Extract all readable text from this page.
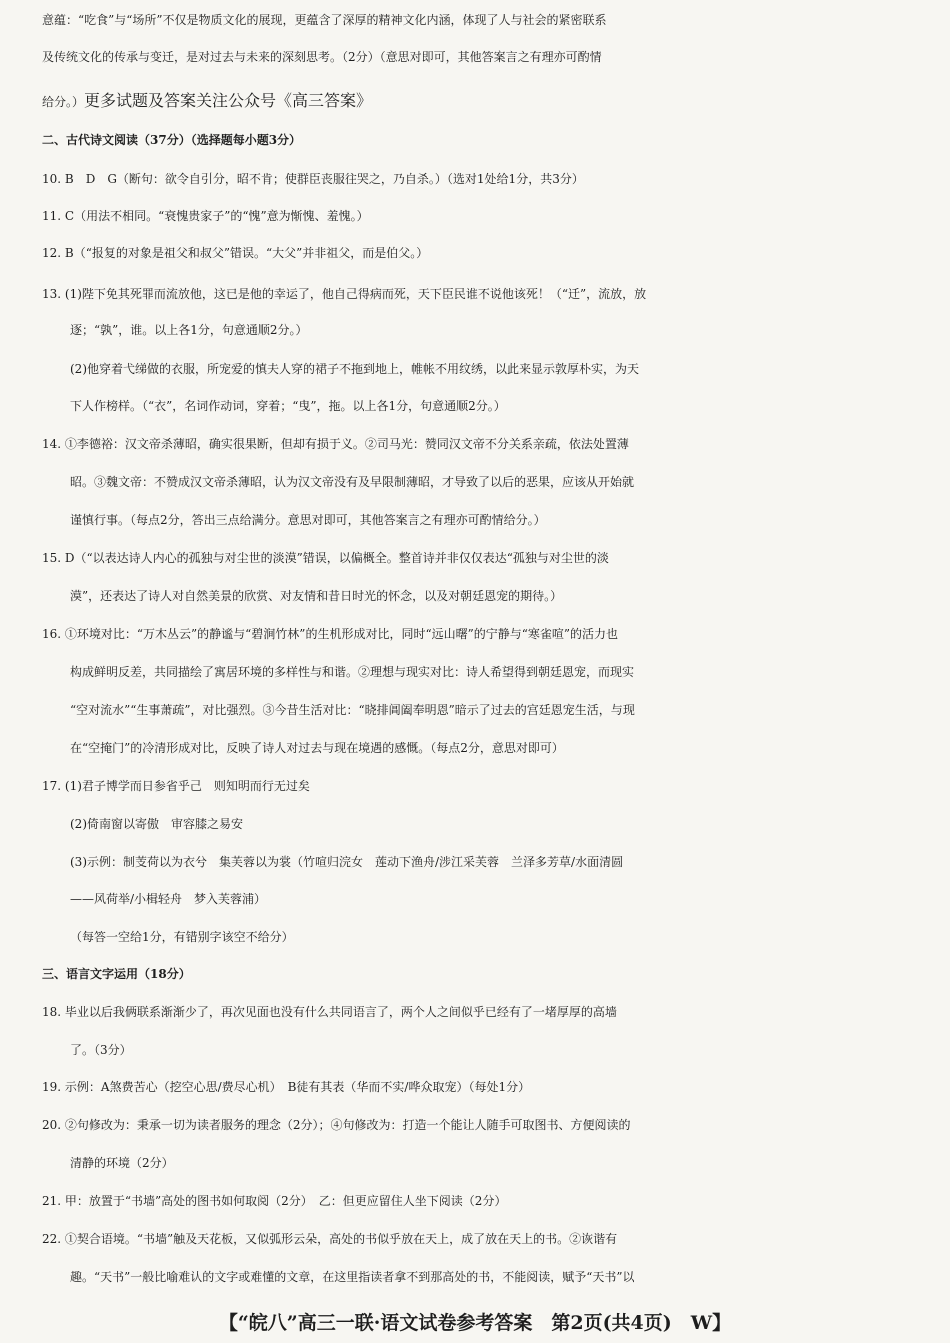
意蕴：“吃食”与“场所”不仅是物质文化的展现，更蕴含了深厚的精神文化内涵，体现了人与社会的紧密联系
及传统文化的传承与变迁，是对过去与未来的深刻思考。（2分）（意思对即可，其他答案言之有理亦可酌情
给分。）更多试题及答案关注公众号《高三答案》
二、古代诗文阅读（37分）（选择题每小题3分）
10. B　D　G（断句：欲令自引分，昭不肯；使群臣丧服往哭之，乃自杀。）（选对1处给1分，共3分）
11. C（用法不相同。“衰愧贵家子”的“愧”意为惭愧、羞愧。）
12. B（“报复的对象是祖父和叔父”错误。“大父”并非祖父，而是伯父。）
13. (1)陛下免其死罪而流放他，这已是他的幸运了，他自己得病而死，天下臣民谁不说他该死！（“迁”，流放，放
逐；“孰”，谁。以上各1分，句意通顺2分。）
(2)他穿着弋绨做的衣服，所宠爱的慎夫人穿的裙子不拖到地上，帷帐不用纹绣，以此来显示敦厚朴实，为天
下人作榜样。（“衣”，名词作动词，穿着；“曳”，拖。以上各1分，句意通顺2分。）
14. ①李德裕：汉文帝杀薄昭，确实很果断，但却有损于义。②司马光：赞同汉文帝不分关系亲疏，依法处置薄
昭。③魏文帝：不赞成汉文帝杀薄昭，认为汉文帝没有及早限制薄昭，才导致了以后的恶果，应该从开始就
谨慎行事。（每点2分，答出三点给满分。意思对即可，其他答案言之有理亦可酌情给分。）
15. D（“以表达诗人内心的孤独与对尘世的淡漠”错误，以偏概全。整首诗并非仅仅表达“孤独与对尘世的淡
漠”，还表达了诗人对自然美景的欣赏、对友情和昔日时光的怀念，以及对朝廷恩宠的期待。）
16. ①环境对比：“万木丛云”的静谧与“碧涧竹林”的生机形成对比，同时“远山曙”的宁静与“寒雀喧”的活力也
构成鲜明反差，共同描绘了寓居环境的多样性与和谐。②理想与现实对比：诗人希望得到朝廷恩宠，而现实
“空对流水”“生事萧疏”，对比强烈。③今昔生活对比：“晓排阊阖奉明恩”暗示了过去的宫廷恩宠生活，与现
在“空掩门”的冷清形成对比，反映了诗人对过去与现在境遇的感慨。（每点2分，意思对即可）
17. (1)君子博学而日参省乎己　则知明而行无过矣
(2)倚南窗以寄傲　审容膝之易安
(3)示例：制芰荷以为衣兮　集芙蓉以为裳（竹喧归浣女　莲动下渔舟/涉江采芙蓉　兰泽多芳草/水面清圆
——风荷举/小楫轻舟　梦入芙蓉浦）
（每答一空给1分，有错别字该空不给分）
三、语言文字运用（18分）
18. 毕业以后我俩联系渐渐少了，再次见面也没有什么共同语言了，两个人之间似乎已经有了一堵厚厚的高墙
了。（3分）
19. 示例：A煞费苦心（挖空心思/费尽心机）　B徒有其表（华而不实/哗众取宠）（每处1分）
20. ②句修改为：秉承一切为读者服务的理念（2分）；④句修改为：打造一个能让人随手可取图书、方便阅读的
清静的环境（2分）
21. 甲：放置于“书墙”高处的图书如何取阅（2分）　乙：但更应留住人坐下阅读（2分）
22. ①契合语境。“书墙”触及天花板，又似弧形云朵，高处的书似乎放在天上，成了放在天上的书。②诙谐有
趣。“天书”一般比喻难认的文字或难懂的文章，在这里指读者拿不到那高处的书，不能阅读，赋予“天书”以
【“皖八”高三一联·语文试卷参考答案　第2页(共4页)　W】
